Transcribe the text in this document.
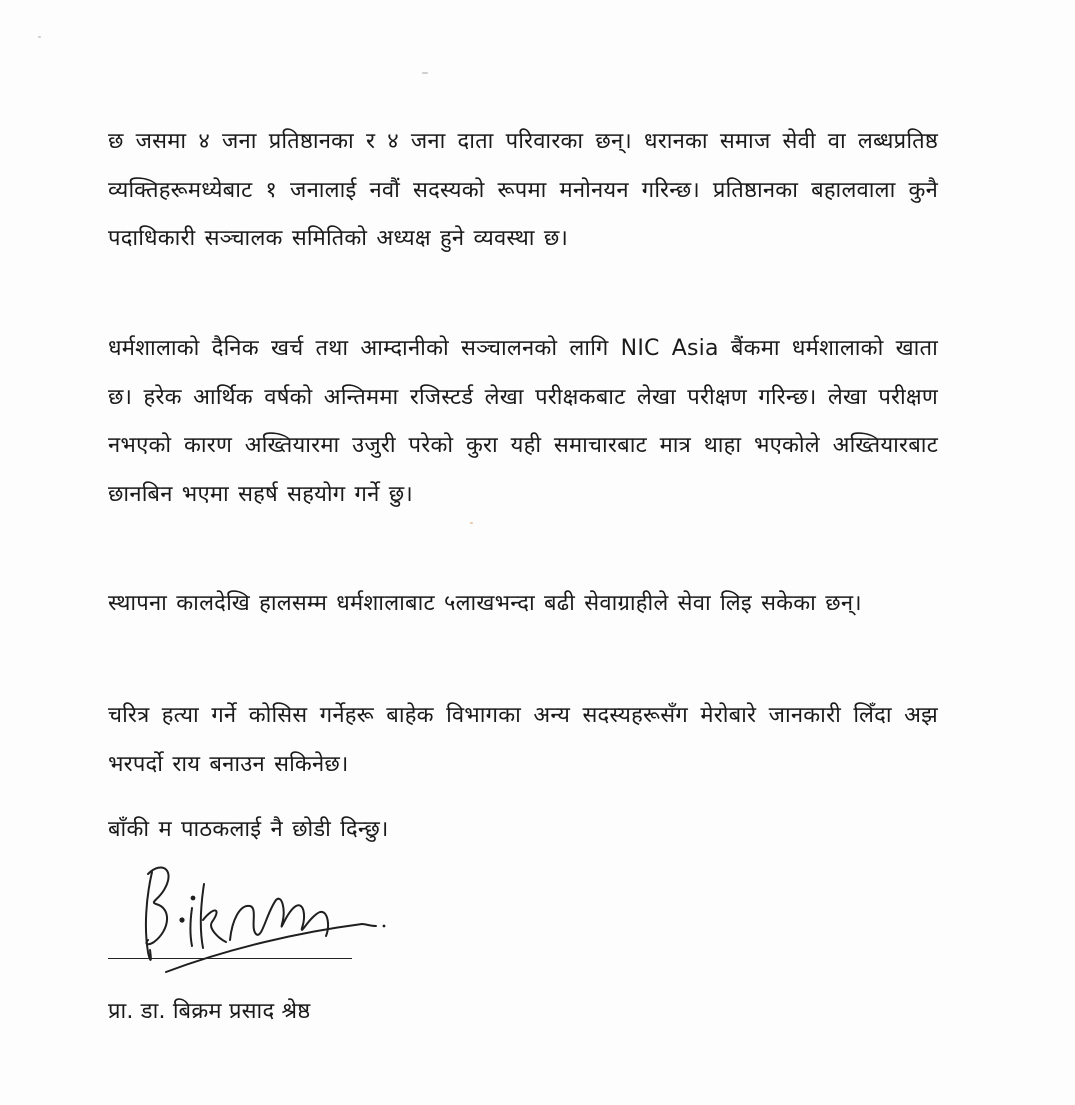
छ जसमा ४ जना प्रतिष्ठानका र ४ जना दाता परिवारका छन्। धरानका समाज सेवी वा लब्धप्रतिष्ठ व्यक्तिहरूमध्येबाट १ जनालाई नवौं सदस्यको रूपमा मनोनयन गरिन्छ। प्रतिष्ठानका बहालवाला कुनै पदाधिकारी सञ्चालक समितिको अध्यक्ष हुने व्यवस्था छ।

धर्मशालाको दैनिक खर्च तथा आम्दानीको सञ्चालनको लागि NIC Asia बैंकमा धर्मशालाको खाता छ। हरेक आर्थिक वर्षको अन्तिममा रजिस्टर्ड लेखा परीक्षकबाट लेखा परीक्षण गरिन्छ। लेखा परीक्षण नभएको कारण अख्तियारमा उजुरी परेको कुरा यही समाचारबाट मात्र थाहा भएकोले अख्तियारबाट छानबिन भएमा सहर्ष सहयोग गर्ने छु।

स्थापना कालदेखि हालसम्म धर्मशालाबाट ५लाखभन्दा बढी सेवाग्राहीले सेवा लिइ सकेका छन्।

चरित्र हत्या गर्ने कोसिस गर्नेहरू बाहेक विभागका अन्य सदस्यहरूसँग मेरोबारे जानकारी लिँदा अझ भरपर्दो राय बनाउन सकिनेछ।

बाँकी म पाठकलाई नै छोडी दिन्छु।

प्रा. डा. बिक्रम प्रसाद श्रेष्ठ
